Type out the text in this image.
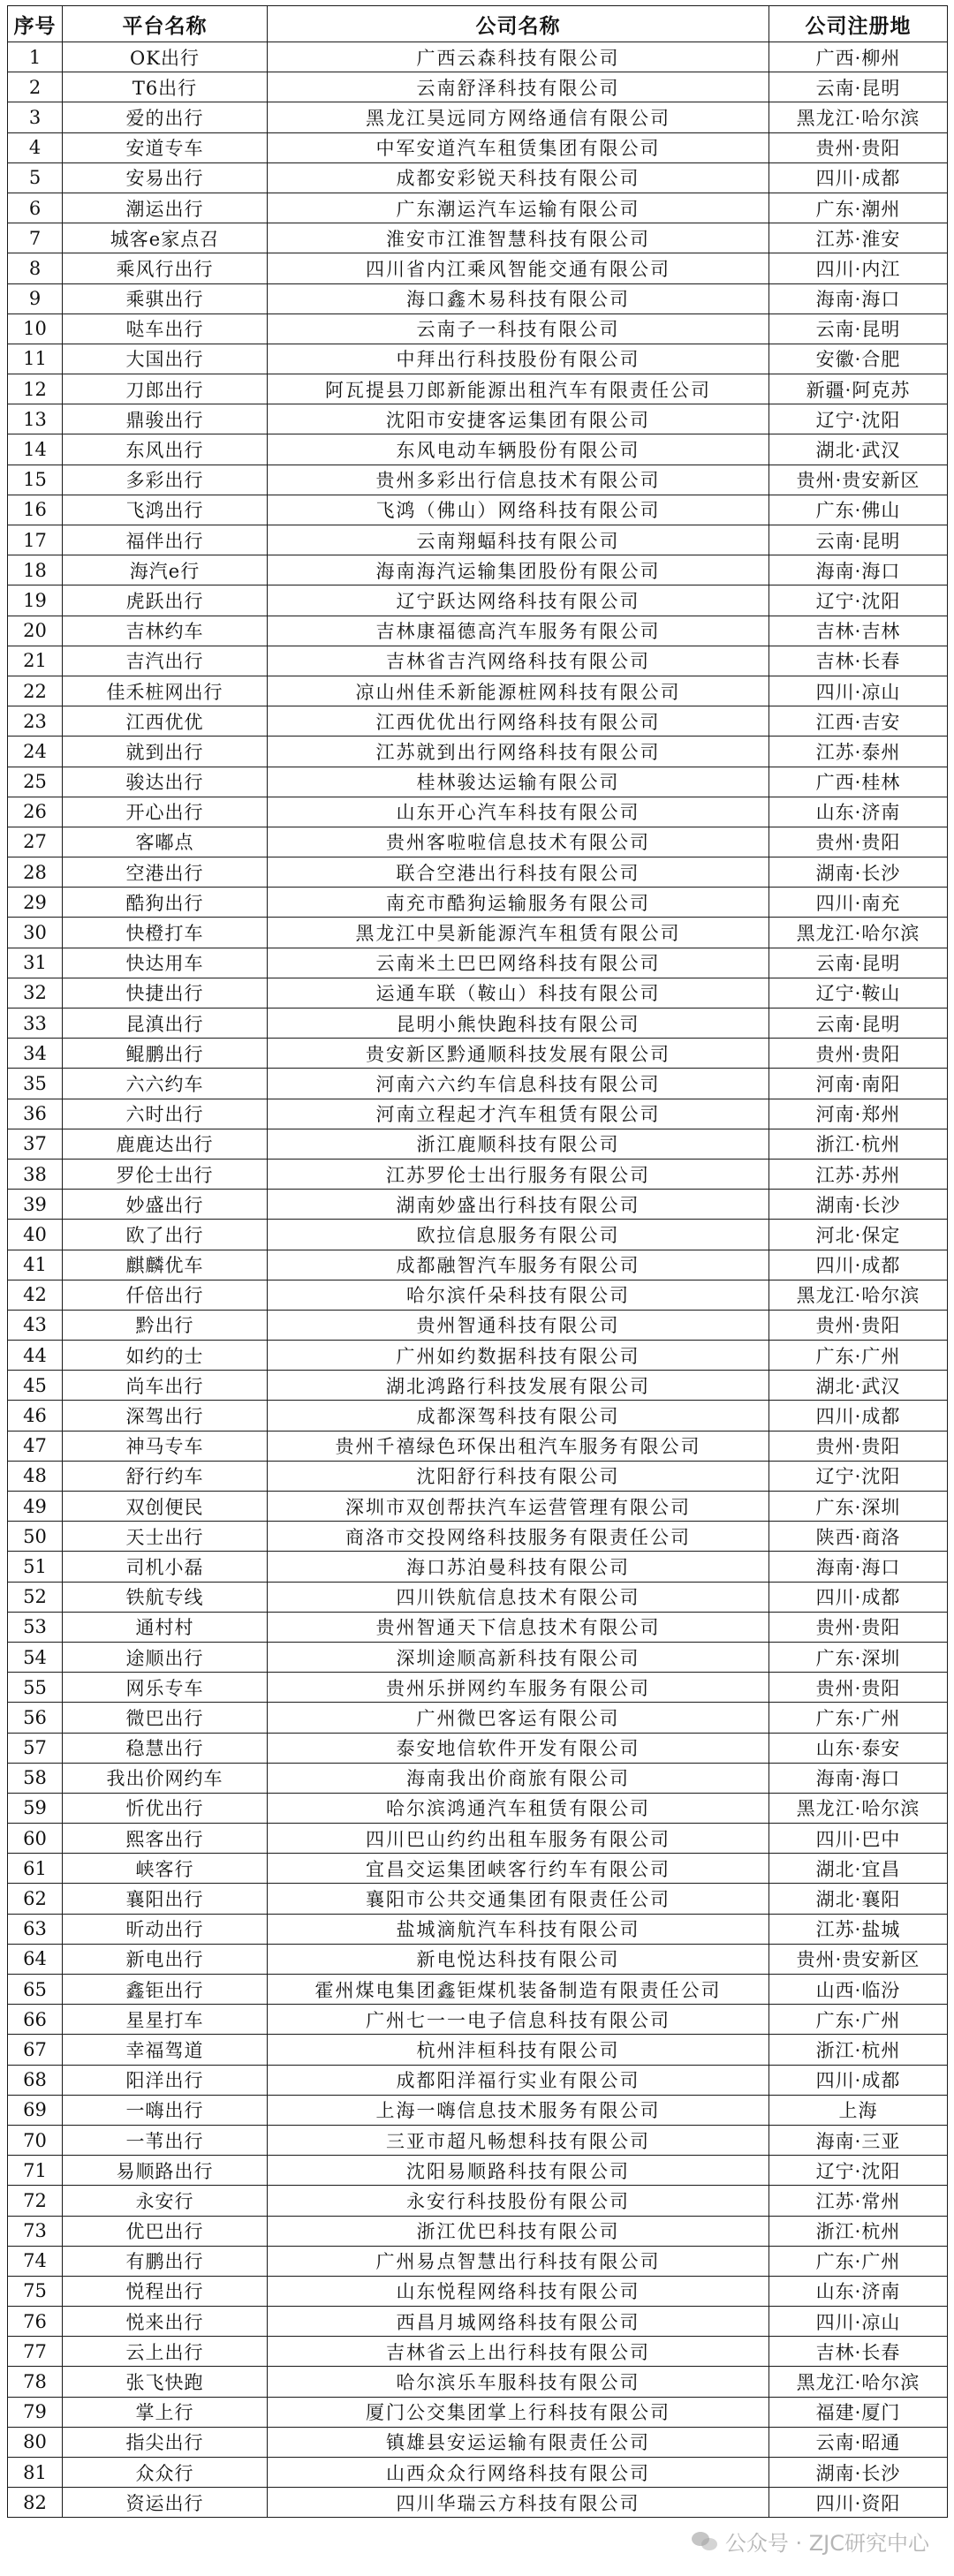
序号	平台名称	公司名称	公司注册地
1	OK出行	广西云森科技有限公司	广西·柳州
2	T6出行	云南舒泽科技有限公司	云南·昆明
3	爱的出行	黑龙江昊远同方网络通信有限公司	黑龙江·哈尔滨
4	安道专车	中军安道汽车租赁集团有限公司	贵州·贵阳
5	安易出行	成都安彩锐天科技有限公司	四川·成都
6	潮运出行	广东潮运汽车运输有限公司	广东·潮州
7	城客e家点召	淮安市江淮智慧科技有限公司	江苏·淮安
8	乘风行出行	四川省内江乘风智能交通有限公司	四川·内江
9	乘骐出行	海口鑫木易科技有限公司	海南·海口
10	哒车出行	云南子一科技有限公司	云南·昆明
11	大国出行	中拜出行科技股份有限公司	安徽·合肥
12	刀郎出行	阿瓦提县刀郎新能源出租汽车有限责任公司	新疆·阿克苏
13	鼎骏出行	沈阳市安捷客运集团有限公司	辽宁·沈阳
14	东风出行	东风电动车辆股份有限公司	湖北·武汉
15	多彩出行	贵州多彩出行信息技术有限公司	贵州·贵安新区
16	飞鸿出行	飞鸿（佛山）网络科技有限公司	广东·佛山
17	福伴出行	云南翔蝠科技有限公司	云南·昆明
18	海汽e行	海南海汽运输集团股份有限公司	海南·海口
19	虎跃出行	辽宁跃达网络科技有限公司	辽宁·沈阳
20	吉林约车	吉林康福德高汽车服务有限公司	吉林·吉林
21	吉汽出行	吉林省吉汽网络科技有限公司	吉林·长春
22	佳禾桩网出行	凉山州佳禾新能源桩网科技有限公司	四川·凉山
23	江西优优	江西优优出行网络科技有限公司	江西·吉安
24	就到出行	江苏就到出行网络科技有限公司	江苏·泰州
25	骏达出行	桂林骏达运输有限公司	广西·桂林
26	开心出行	山东开心汽车科技有限公司	山东·济南
27	客嘟点	贵州客啦啦信息技术有限公司	贵州·贵阳
28	空港出行	联合空港出行科技有限公司	湖南·长沙
29	酷狗出行	南充市酷狗运输服务有限公司	四川·南充
30	快橙打车	黑龙江中昊新能源汽车租赁有限公司	黑龙江·哈尔滨
31	快达用车	云南米土巴巴网络科技有限公司	云南·昆明
32	快捷出行	运通车联（鞍山）科技有限公司	辽宁·鞍山
33	昆滇出行	昆明小熊快跑科技有限公司	云南·昆明
34	鲲鹏出行	贵安新区黔通顺科技发展有限公司	贵州·贵阳
35	六六约车	河南六六约车信息科技有限公司	河南·南阳
36	六时出行	河南立程起才汽车租赁有限公司	河南·郑州
37	鹿鹿达出行	浙江鹿顺科技有限公司	浙江·杭州
38	罗伦士出行	江苏罗伦士出行服务有限公司	江苏·苏州
39	妙盛出行	湖南妙盛出行科技有限公司	湖南·长沙
40	欧了出行	欧拉信息服务有限公司	河北·保定
41	麒麟优车	成都融智汽车服务有限公司	四川·成都
42	仟倍出行	哈尔滨仟朵科技有限公司	黑龙江·哈尔滨
43	黔出行	贵州智通科技有限公司	贵州·贵阳
44	如约的士	广州如约数据科技有限公司	广东·广州
45	尚车出行	湖北鸿路行科技发展有限公司	湖北·武汉
46	深驾出行	成都深驾科技有限公司	四川·成都
47	神马专车	贵州千禧绿色环保出租汽车服务有限公司	贵州·贵阳
48	舒行约车	沈阳舒行科技有限公司	辽宁·沈阳
49	双创便民	深圳市双创帮扶汽车运营管理有限公司	广东·深圳
50	天士出行	商洛市交投网络科技服务有限责任公司	陕西·商洛
51	司机小磊	海口苏泊曼科技有限公司	海南·海口
52	铁航专线	四川铁航信息技术有限公司	四川·成都
53	通村村	贵州智通天下信息技术有限公司	贵州·贵阳
54	途顺出行	深圳途顺高新科技有限公司	广东·深圳
55	网乐专车	贵州乐拼网约车服务有限公司	贵州·贵阳
56	微巴出行	广州微巴客运有限公司	广东·广州
57	稳慧出行	泰安地信软件开发有限公司	山东·泰安
58	我出价网约车	海南我出价商旅有限公司	海南·海口
59	忻优出行	哈尔滨鸿通汽车租赁有限公司	黑龙江·哈尔滨
60	熙客出行	四川巴山约约出租车服务有限公司	四川·巴中
61	峡客行	宜昌交运集团峡客行约车有限公司	湖北·宜昌
62	襄阳出行	襄阳市公共交通集团有限责任公司	湖北·襄阳
63	昕动出行	盐城滴航汽车科技有限公司	江苏·盐城
64	新电出行	新电悦达科技有限公司	贵州·贵安新区
65	鑫钜出行	霍州煤电集团鑫钜煤机装备制造有限责任公司	山西·临汾
66	星星打车	广州七一一电子信息科技有限公司	广东·广州
67	幸福驾道	杭州沣桓科技有限公司	浙江·杭州
68	阳洋出行	成都阳洋福行实业有限公司	四川·成都
69	一嗨出行	上海一嗨信息技术服务有限公司	上海
70	一苇出行	三亚市超凡畅想科技有限公司	海南·三亚
71	易顺路出行	沈阳易顺路科技有限公司	辽宁·沈阳
72	永安行	永安行科技股份有限公司	江苏·常州
73	优巴出行	浙江优巴科技有限公司	浙江·杭州
74	有鹏出行	广州易点智慧出行科技有限公司	广东·广州
75	悦程出行	山东悦程网络科技有限公司	山东·济南
76	悦来出行	西昌月城网络科技有限公司	四川·凉山
77	云上出行	吉林省云上出行科技有限公司	吉林·长春
78	张飞快跑	哈尔滨乐车服科技有限公司	黑龙江·哈尔滨
79	掌上行	厦门公交集团掌上行科技有限公司	福建·厦门
80	指尖出行	镇雄县安运运输有限责任公司	云南·昭通
81	众众行	山西众众行网络科技有限公司	湖南·长沙
82	资运出行	四川华瑞云方科技有限公司	四川·资阳
公众号 · ZJC研究中心
